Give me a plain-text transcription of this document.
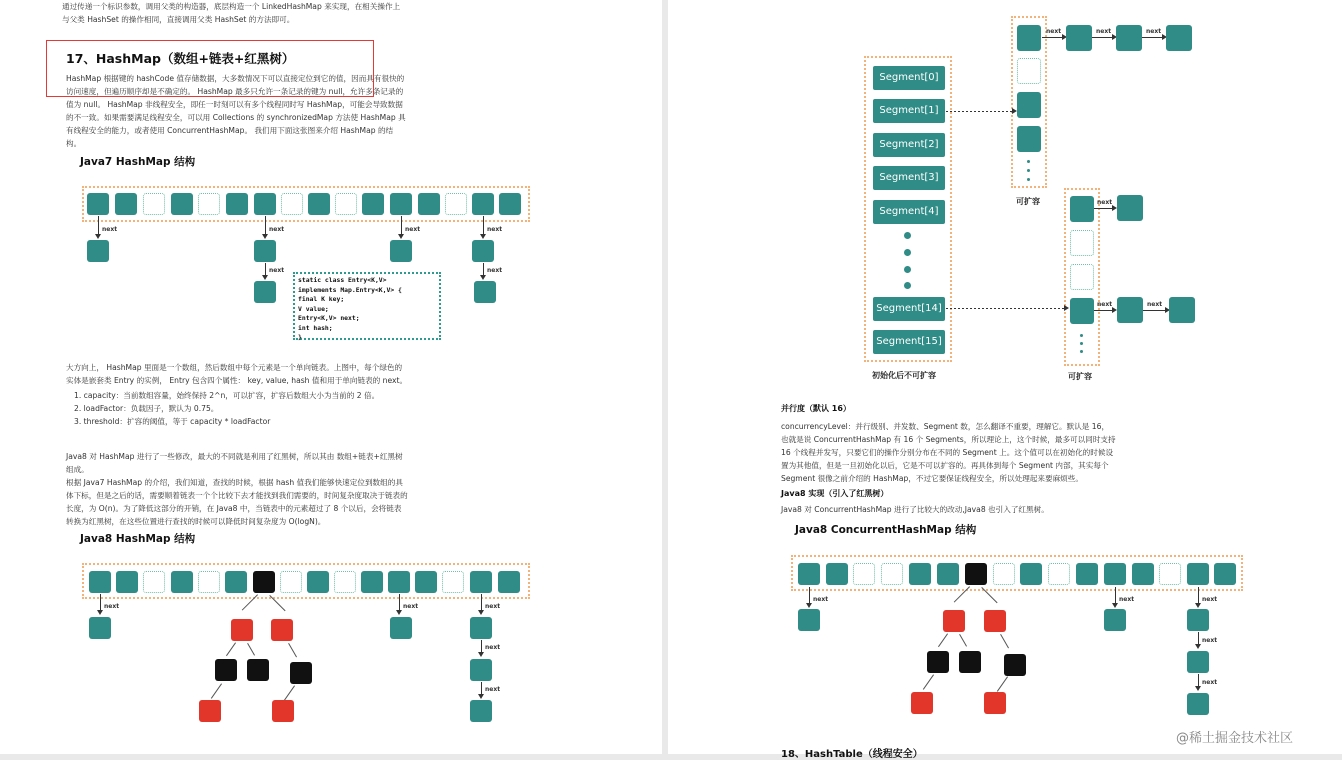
通过传递一个标识参数，调用父类的构造器，底层构造一个 LinkedHashMap 来实现，在相关操作上与父类 HashSet 的操作相同，直接调用父类 HashSet 的方法即可。
17、HashMap（数组+链表+红黑树）
HashMap 根据键的 hashCode 值存储数据，大多数情况下可以直接定位到它的值，因而具有很快的访问速度，但遍历顺序却是不确定的。 HashMap 最多只允许一条记录的键为 null，允许多条记录的值为 null。 HashMap 非线程安全，即任一时刻可以有多个线程同时写 HashMap，可能会导致数据的不一致。如果需要满足线程安全，可以用 Collections 的 synchronizedMap 方法使 HashMap 具有线程安全的能力，或者使用 ConcurrentHashMap。 我们用下面这张图来介绍 HashMap 的结构。
Java7 HashMap 结构
next	next
next
next	next
next
static class Entry<K,V>
implements Map.Entry<K,V> {
final K key;
V value;
Entry<K,V> next;
int hash;
}
大方向上， HashMap 里面是一个数组，然后数组中每个元素是一个单向链表。上图中，每个绿色的实体是嵌套类 Entry 的实例， Entry 包含四个属性： key, value, hash 值和用于单向链表的 next。
1. capacity：当前数组容量，始终保持 2^n，可以扩容，扩容后数组大小为当前的 2 倍。
2. loadFactor：负载因子，默认为 0.75。
3. threshold：扩容的阈值，等于 capacity * loadFactor
Java8 对 HashMap 进行了一些修改，最大的不同就是利用了红黑树，所以其由 数组+链表+红黑树 组成。
根据 Java7 HashMap 的介绍，我们知道，查找的时候，根据 hash 值我们能够快速定位到数组的具体下标，但是之后的话，需要顺着链表一个个比较下去才能找到我们需要的，时间复杂度取决于链表的长度，为 O(n)。为了降低这部分的开销，在 Java8 中，当链表中的元素超过了 8 个以后，会将链表转换为红黑树，在这些位置进行查找的时候可以降低时间复杂度为 O(logN)。
Java8 HashMap 结构
next	next	next
next
next
Segment[0]
Segment[1]
Segment[2]
Segment[3]
Segment[4]
Segment[14]
Segment[15]
初始化后不可扩容
可扩容
next	next	next
可扩容
next
next	next
并行度（默认 16）
concurrencyLevel：并行级别、并发数、Segment 数，怎么翻译不重要，理解它。默认是 16，也就是说 ConcurrentHashMap 有 16 个 Segments，所以理论上，这个时候，最多可以同时支持 16 个线程并发写，只要它们的操作分别分布在不同的 Segment 上。这个值可以在初始化的时候设置为其他值，但是一旦初始化以后，它是不可以扩容的。再具体到每个 Segment 内部，其实每个 Segment 很像之前介绍的 HashMap，不过它要保证线程安全，所以处理起来要麻烦些。
Java8 实现（引入了红黑树）
Java8 对 ConcurrentHashMap 进行了比较大的改动,Java8 也引入了红黑树。
Java8 ConcurrentHashMap 结构
next	next	next
next
next
18、HashTable（线程安全）
@稀土掘金技术社区
